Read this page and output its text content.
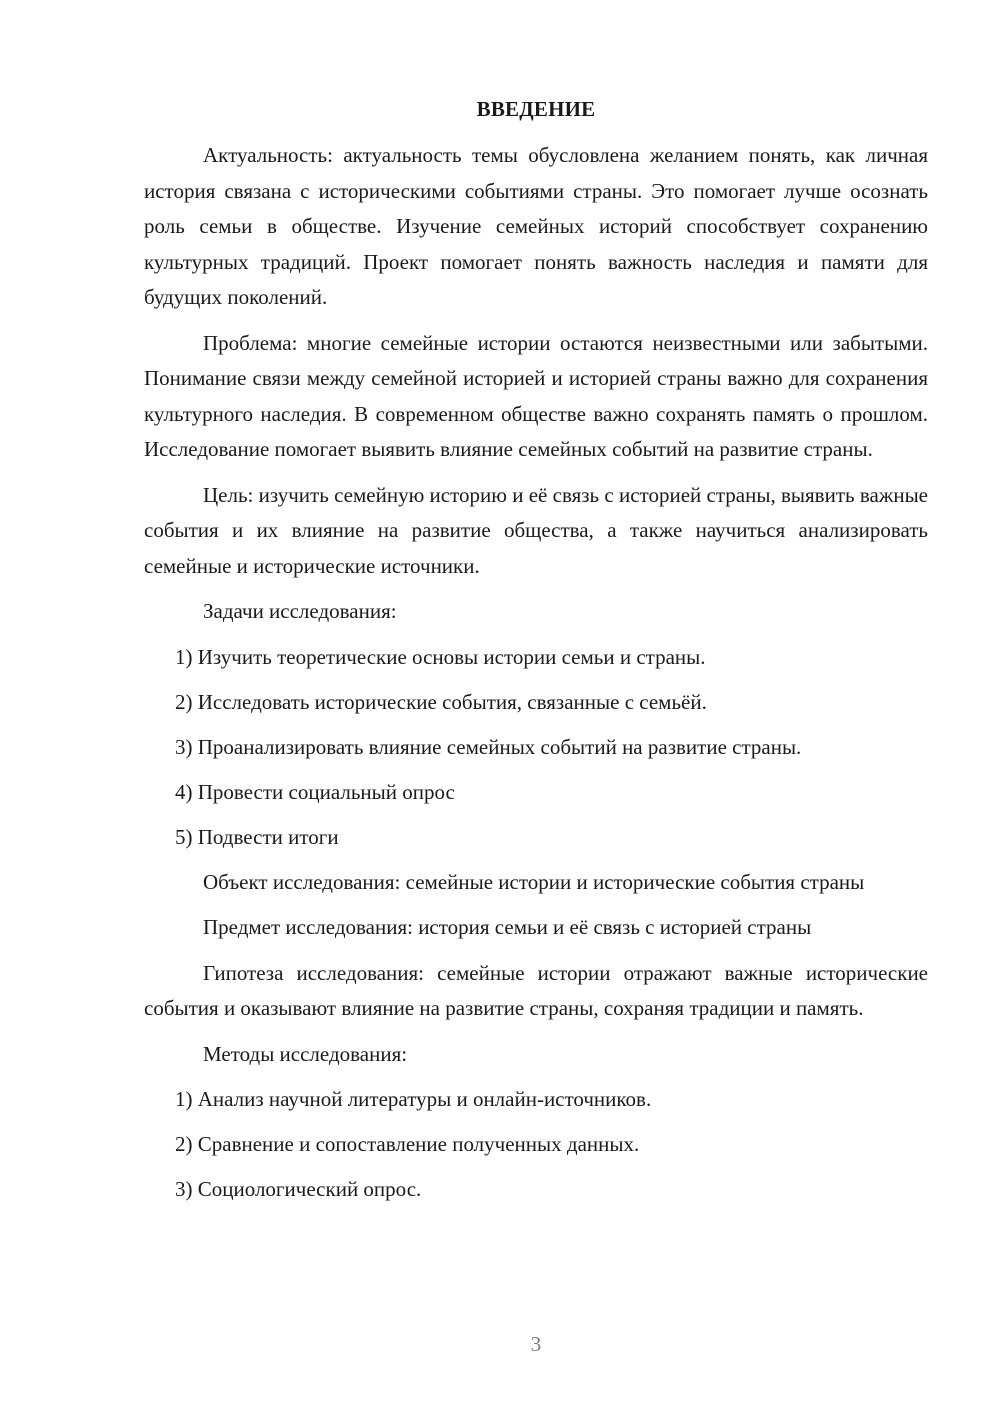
ВВЕДЕНИЕ

Актуальность: актуальность темы обусловлена желанием понять, как личная история связана с историческими событиями страны. Это помогает лучше осознать роль семьи в обществе. Изучение семейных историй способствует сохранению культурных традиций. Проект помогает понять важность наследия и памяти для будущих поколений.

Проблема: многие семейные истории остаются неизвестными или забытыми. Понимание связи между семейной историей и историей страны важно для сохранения культурного наследия. В современном обществе важно сохранять память о прошлом. Исследование помогает выявить влияние семейных событий на развитие страны.

Цель: изучить семейную историю и её связь с историей страны, выявить важные события и их влияние на развитие общества, а также научиться анализировать семейные и исторические источники.

Задачи исследования:
1) Изучить теоретические основы истории семьи и страны.
2) Исследовать исторические события, связанные с семьёй.
3) Проанализировать влияние семейных событий на развитие страны.
4) Провести социальный опрос
5) Подвести итоги

Объект исследования: семейные истории и исторические события страны

Предмет исследования: история семьи и её связь с историей страны

Гипотеза исследования: семейные истории отражают важные исторические события и оказывают влияние на развитие страны, сохраняя традиции и память.

Методы исследования:
1) Анализ научной литературы и онлайн-источников.
2) Сравнение и сопоставление полученных данных.
3) Социологический опрос.
3
